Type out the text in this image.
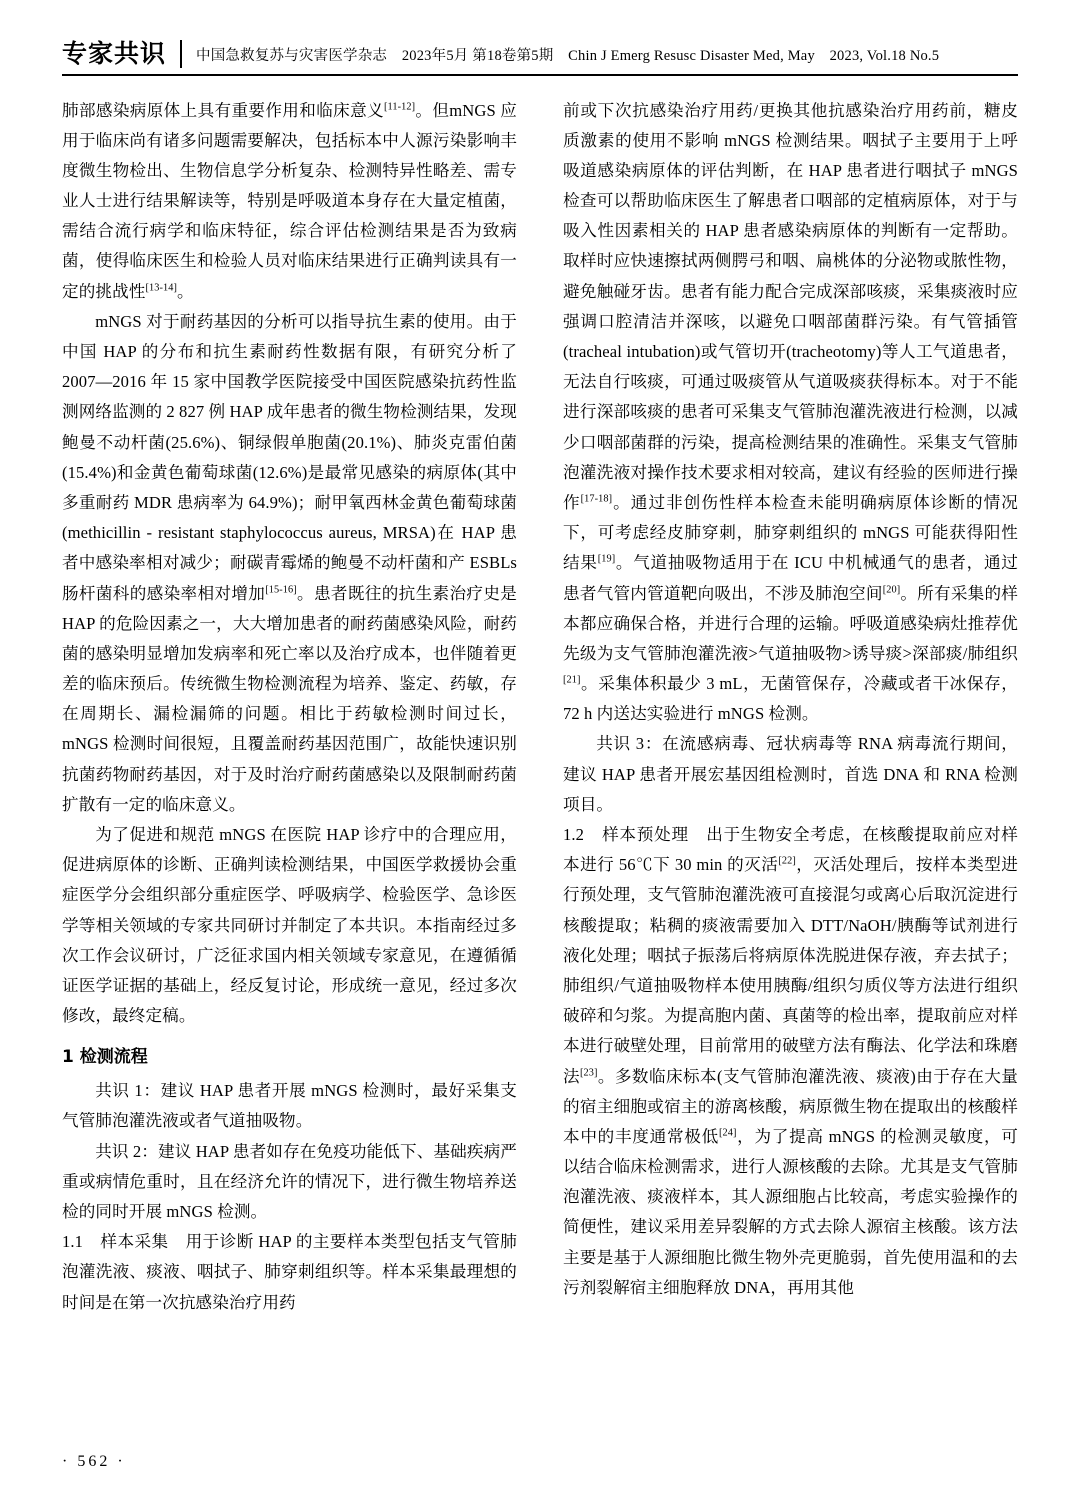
专家共识	中国急救复苏与灾害医学杂志　2023年5月 第18卷第5期　Chin J Emerg Resusc Disaster Med, May　2023, Vol.18 No.5

肺部感染病原体上具有重要作用和临床意义[11-12]。但mNGS 应用于临床尚有诸多问题需要解决，包括标本中人源污染影响丰度微生物检出、生物信息学分析复杂、检测特异性略差、需专业人士进行结果解读等，特别是呼吸道本身存在大量定植菌，需结合流行病学和临床特征，综合评估检测结果是否为致病菌，使得临床医生和检验人员对临床结果进行正确判读具有一定的挑战性[13-14]。

mNGS 对于耐药基因的分析可以指导抗生素的使用。由于中国 HAP 的分布和抗生素耐药性数据有限，有研究分析了 2007—2016 年 15 家中国教学医院接受中国医院感染抗药性监测网络监测的 2 827 例 HAP 成年患者的微生物检测结果，发现鲍曼不动杆菌(25.6%)、铜绿假单胞菌(20.1%)、肺炎克雷伯菌(15.4%)和金黄色葡萄球菌(12.6%)是最常见感染的病原体(其中多重耐药 MDR 患病率为 64.9%)；耐甲氧西林金黄色葡萄球菌 (methicillin - resistant staphylococcus aureus, MRSA)在 HAP 患者中感染率相对减少；耐碳青霉烯的鲍曼不动杆菌和产 ESBLs 肠杆菌科的感染率相对增加[15-16]。患者既往的抗生素治疗史是 HAP 的危险因素之一，大大增加患者的耐药菌感染风险，耐药菌的感染明显增加发病率和死亡率以及治疗成本，也伴随着更差的临床预后。传统微生物检测流程为培养、鉴定、药敏，存在周期长、漏检漏筛的问题。相比于药敏检测时间过长，mNGS 检测时间很短，且覆盖耐药基因范围广，故能快速识别抗菌药物耐药基因，对于及时治疗耐药菌感染以及限制耐药菌扩散有一定的临床意义。

为了促进和规范 mNGS 在医院 HAP 诊疗中的合理应用，促进病原体的诊断、正确判读检测结果，中国医学救援协会重症医学分会组织部分重症医学、呼吸病学、检验医学、急诊医学等相关领域的专家共同研讨并制定了本共识。本指南经过多次工作会议研讨，广泛征求国内相关领域专家意见，在遵循循证医学证据的基础上，经反复讨论，形成统一意见，经过多次修改，最终定稿。

1 检测流程

共识 1：建议 HAP 患者开展 mNGS 检测时，最好采集支气管肺泡灌洗液或者气道抽吸物。

共识 2：建议 HAP 患者如存在免疫功能低下、基础疾病严重或病情危重时，且在经济允许的情况下，进行微生物培养送检的同时开展 mNGS 检测。

1.1　样本采集　用于诊断 HAP 的主要样本类型包括支气管肺泡灌洗液、痰液、咽拭子、肺穿刺组织等。样本采集最理想的时间是在第一次抗感染治疗用药

前或下次抗感染治疗用药/更换其他抗感染治疗用药前，糖皮质激素的使用不影响 mNGS 检测结果。咽拭子主要用于上呼吸道感染病原体的评估判断，在 HAP 患者进行咽拭子 mNGS 检查可以帮助临床医生了解患者口咽部的定植病原体，对于与吸入性因素相关的 HAP 患者感染病原体的判断有一定帮助。取样时应快速擦拭两侧腭弓和咽、扁桃体的分泌物或脓性物，避免触碰牙齿。患者有能力配合完成深部咳痰，采集痰液时应强调口腔清洁并深咳，以避免口咽部菌群污染。有气管插管(tracheal intubation)或气管切开(tracheotomy)等人工气道患者，无法自行咳痰，可通过吸痰管从气道吸痰获得标本。对于不能进行深部咳痰的患者可采集支气管肺泡灌洗液进行检测，以减少口咽部菌群的污染，提高检测结果的准确性。采集支气管肺泡灌洗液对操作技术要求相对较高，建议有经验的医师进行操作[17-18]。通过非创伤性样本检查未能明确病原体诊断的情况下，可考虑经皮肺穿刺，肺穿刺组织的 mNGS 可能获得阳性结果[19]。气道抽吸物适用于在 ICU 中机械通气的患者，通过患者气管内管道靶向吸出，不涉及肺泡空间[20]。所有采集的样本都应确保合格，并进行合理的运输。呼吸道感染病灶推荐优先级为支气管肺泡灌洗液>气道抽吸物>诱导痰>深部痰/肺组织[21]。采集体积最少 3 mL，无菌管保存，冷藏或者干冰保存，72 h 内送达实验进行 mNGS 检测。

共识 3：在流感病毒、冠状病毒等 RNA 病毒流行期间，建议 HAP 患者开展宏基因组检测时，首选 DNA 和 RNA 检测项目。

1.2　样本预处理　出于生物安全考虑，在核酸提取前应对样本进行 56℃下 30 min 的灭活[22]，灭活处理后，按样本类型进行预处理，支气管肺泡灌洗液可直接混匀或离心后取沉淀进行核酸提取；粘稠的痰液需要加入 DTT/NaOH/胰酶等试剂进行液化处理；咽拭子振荡后将病原体洗脱进保存液，弃去拭子；肺组织/气道抽吸物样本使用胰酶/组织匀质仪等方法进行组织破碎和匀浆。为提高胞内菌、真菌等的检出率，提取前应对样本进行破壁处理，目前常用的破壁方法有酶法、化学法和珠磨法[23]。多数临床标本(支气管肺泡灌洗液、痰液)由于存在大量的宿主细胞或宿主的游离核酸，病原微生物在提取出的核酸样本中的丰度通常极低[24]，为了提高 mNGS 的检测灵敏度，可以结合临床检测需求，进行人源核酸的去除。尤其是支气管肺泡灌洗液、痰液样本，其人源细胞占比较高，考虑实验操作的简便性，建议采用差异裂解的方式去除人源宿主核酸。该方法主要是基于人源细胞比微生物外壳更脆弱，首先使用温和的去污剂裂解宿主细胞释放 DNA，再用其他

· 562 ·
